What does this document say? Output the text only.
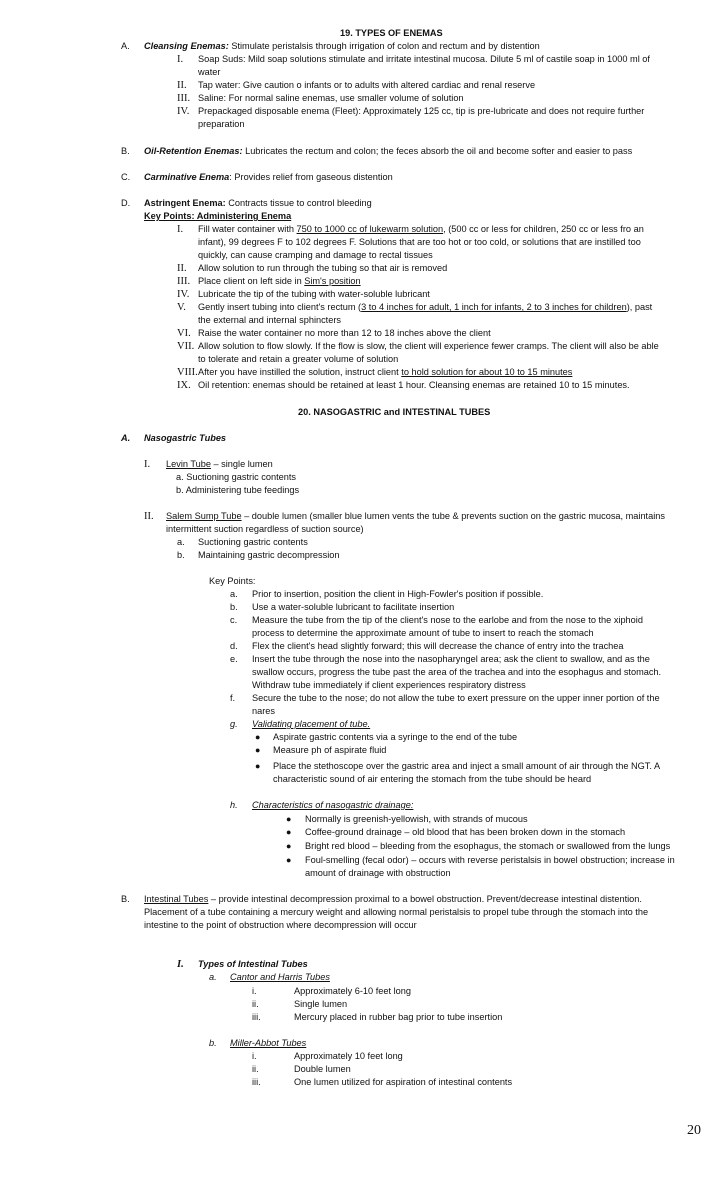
19. TYPES OF ENEMAS
A. Cleansing Enemas: Stimulate peristalsis through irrigation of colon and rectum and by distention
I. Soap Suds: Mild soap solutions stimulate and irritate intestinal mucosa. Dilute 5 ml of castile soap in 1000 ml of
water
II. Tap water: Give caution o infants or to adults with altered cardiac and renal reserve
III. Saline: For normal saline enemas, use smaller volume of solution
IV. Prepackaged disposable enema (Fleet): Approximately 125 cc, tip is pre-lubricate and does not require further
preparation
B. Oil-Retention Enemas: Lubricates the rectum and colon; the feces absorb the oil and become softer and easier to pass
C. Carminative Enema: Provides relief from gaseous distention
D. Astringent Enema: Contracts tissue to control bleeding
Key Points: Administering Enema
I. Fill water container with 750 to 1000 cc of lukewarm solution, (500 cc or less for children, 250 cc or less fro an
infant), 99 degrees F to 102 degrees F. Solutions that are too hot or too cold, or solutions that are instilled too
quickly, can cause cramping and damage to rectal tissues
II. Allow solution to run through the tubing so that air is removed
III. Place client on left side in Sim's position
IV. Lubricate the tip of the tubing with water-soluble lubricant
V. Gently insert tubing into client's rectum (3 to 4 inches for adult, 1 inch for infants, 2 to 3 inches for children), past
the external and internal sphincters
VI. Raise the water container no more than 12 to 18 inches above the client
VII. Allow solution to flow slowly. If the flow is slow, the client will experience fewer cramps. The client will also be able
to tolerate and retain a greater volume of solution
VIII. After you have instilled the solution, instruct client to hold solution for about 10 to 15 minutes
IX. Oil retention: enemas should be retained at least 1 hour. Cleansing enemas are retained 10 to 15 minutes.
20. NASOGASTRIC and INTESTINAL TUBES
A. Nasogastric Tubes
I. Levin Tube – single lumen
a. Suctioning gastric contents
b. Administering tube feedings
II. Salem Sump Tube – double lumen (smaller blue lumen vents the tube & prevents suction on the gastric mucosa, maintains
intermittent suction regardless of suction source)
a. Suctioning gastric contents
b. Maintaining gastric decompression
Key Points:
a. Prior to insertion, position the client in High-Fowler's position if possible.
b. Use a water-soluble lubricant to facilitate insertion
c. Measure the tube from the tip of the client's nose to the earlobe and from the nose to the xiphoid
process to determine the approximate amount of tube to insert to reach the stomach
d. Flex the client's head slightly forward; this will decrease the chance of entry into the trachea
e. Insert the tube through the nose into the nasopharyngel area; ask the client to swallow, and as the
swallow occurs, progress the tube past the area of the trachea and into the esophagus and stomach.
Withdraw tube immediately if client experiences respiratory distress
f. Secure the tube to the nose; do not allow the tube to exert pressure on the upper inner portion of the
nares
g. Validating placement of tube.
● Aspirate gastric contents via a syringe to the end of the tube
● Measure ph of aspirate fluid
● Place the stethoscope over the gastric area and inject a small amount of air through the NGT. A
characteristic sound of air entering the stomach from the tube should be heard
h. Characteristics of nasogastric drainage:
● Normally is greenish-yellowish, with strands of mucous
● Coffee-ground drainage – old blood that has been broken down in the stomach
● Bright red blood – bleeding from the esophagus, the stomach or swallowed from the lungs
● Foul-smelling (fecal odor) – occurs with reverse peristalsis in bowel obstruction; increase in
amount of drainage with obstruction
B. Intestinal Tubes – provide intestinal decompression proximal to a bowel obstruction. Prevent/decrease intestinal distention.
Placement of a tube containing a mercury weight and allowing normal peristalsis to propel tube through the stomach into the
intestine to the point of obstruction where decompression will occur
I. Types of Intestinal Tubes
a. Cantor and Harris Tubes
i.	Approximately 6-10 feet long
ii.	Single lumen
iii.	Mercury placed in rubber bag prior to tube insertion
b. Miller-Abbot Tubes
i.	Approximately 10 feet long
ii.	Double lumen
iii.	One lumen utilized for aspiration of intestinal contents
20
